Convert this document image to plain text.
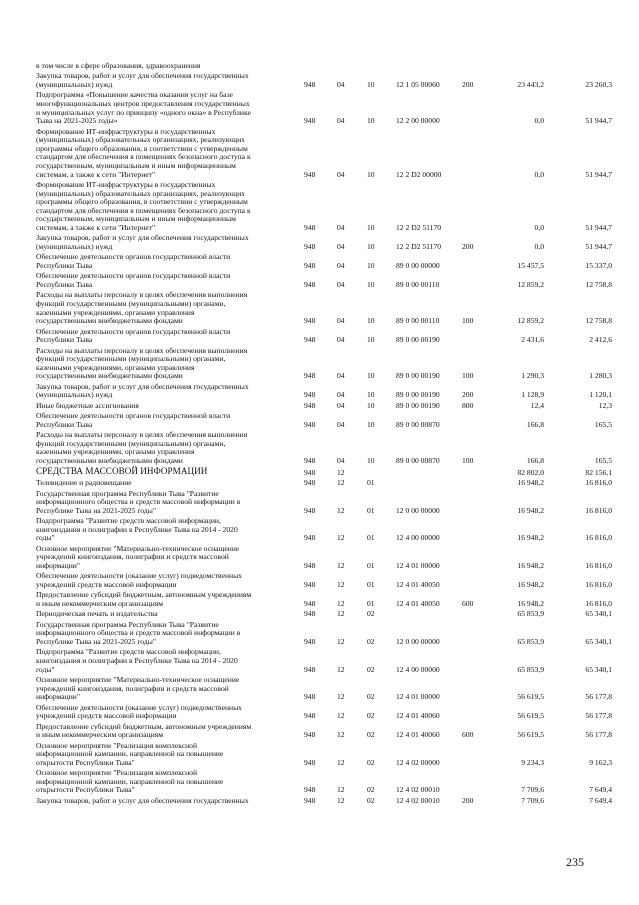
в том числе в сфере образования, здравоохранения
Закупка товаров, работ и услуг для обеспечения государственных
(муниципальных) нужд	948	04	10	12 1 05 00060	200	23 443,2	23 260,3
Подпрограмма «Повышение качества оказания услуг на базе
многофункциональных центров предоставления государственных
и муниципальных услуг по принципу «одного окна» в Республике
Тыва на 2021-2025 годы»	948	04	10	12 2 00 00000	0,0	51 944,7
Формирование ИТ-инфраструктуры в государственных
(муниципальных) образовательных организациях, реализующих
программы общего образования, в соответствии с утвержденным
стандартом для обеспечения в помещениях безопасного доступа к
государственным, муниципальным и иным информационным
системам, а также к сети "Интернет"	948	04	10	12 2 D2 00000	0,0	51 944,7
Формирование ИТ-инфраструктуры в государственных
(муниципальных) образовательных организациях, реализующих
программы общего образования, в соответствии с утвержденным
стандартом для обеспечения в помещениях безопасного доступа к
государственным, муниципальным и иным информационным
системам, а также к сети "Интернет"	948	04	10	12 2 D2 51170	0,0	51 944,7
Закупка товаров, работ и услуг для обеспечения государственных
(муниципальных) нужд	948	04	10	12 2 D2 51170	200	0,0	51 944,7
Обеспечение деятельности органов государственной власти
Республики Тыва	948	04	10	89 0 00 00000	15 457,5	15 337,0
Обеспечение деятельности органов государственной власти
Республики Тыва	948	04	10	89 0 00 00110	12 859,2	12 758,8
Расходы на выплаты персоналу в целях обеспечения выполнения
функций государственными (муниципальными) органами,
казенными учреждениями, органами управления
государственными внебюджетными фондами	948	04	10	89 0 00 00110	100	12 859,2	12 758,8
Обеспечение деятельности органов государственной власти
Республики Тыва	948	04	10	89 0 00 00190	2 431,6	2 412,6
Расходы на выплаты персоналу в целях обеспечения выполнения
функций государственными (муниципальными) органами,
казенными учреждениями, органами управления
государственными внебюджетными фондами	948	04	10	89 0 00 00190	100	1 290,3	1 280,3
Закупка товаров, работ и услуг для обеспечения государственных
(муниципальных) нужд	948	04	10	89 0 00 00190	200	1 128,9	1 120,1
Иные бюджетные ассигнования	948	04	10	89 0 00 00190	800	12,4	12,3
Обеспечение деятельности органов государственной власти
Республики Тыва	948	04	10	89 0 00 00870	166,8	165,5
Расходы на выплаты персоналу в целях обеспечения выполнения
функций государственными (муниципальными) органами,
казенными учреждениями, органами управления
государственными внебюджетными фондами	948	04	10	89 0 00 00870	100	166,8	165,5
СРЕДСТВА МАССОВОЙ ИНФОРМАЦИИ	948	12	82 802,0	82 156,1
Телевидение и радиовещание	948	12	01	16 948,2	16 816,0
Государственная программа Республики Тыва "Развитие
информационного общества и средств массовой информации в
Республике Тыва на 2021-2025 годы"	948	12	01	12 0 00 00000	16 948,2	16 816,0
Подпрограмма "Развитие средств массовой информации,
книгоиздания и полиграфии в Республике Тыва на 2014 - 2020
годы"	948	12	01	12 4 00 00000	16 948,2	16 816,0
Основное мероприятие "Материально-техническое оснащение
учреждений книгоиздания, полиграфии и средств массовой
информации"	948	12	01	12 4 01 00000	16 948,2	16 816,0
Обеспечение деятельности (оказание услуг) подведомственных
учреждений средств массовой информации	948	12	01	12 4 01 40050	16 948,2	16 816,0
Предоставление субсидий бюджетным, автономным учреждениям
и иным некоммерческим организациям	948	12	01	12 4 01 40050	600	16 948,2	16 816,0
Периодическая печать и издательства	948	12	02	65 853,9	65 340,1
Государственная программа Республики Тыва "Развитие
информационного общества и средств массовой информации в
Республике Тыва на 2021-2025 годы"	948	12	02	12 0 00 00000	65 853,9	65 340,1
Подпрограмма "Развитие средств массовой информации,
книгоиздания и полиграфии в Республике Тыва на 2014 - 2020
годы"	948	12	02	12 4 00 00000	65 853,9	65 340,1
Основное мероприятие "Материально-техническое оснащение
учреждений книгоиздания, полиграфии и средств массовой
информации"	948	12	02	12 4 01 00000	56 619,5	56 177,8
Обеспечение деятельности (оказание услуг) подведомственных
учреждений средств массовой информации	948	12	02	12 4 01 40060	56 619,5	56 177,8
Предоставление субсидий бюджетным, автономным учреждениям
и иным некоммерческим организациям	948	12	02	12 4 01 40060	600	56 619,5	56 177,8
Основное мероприятие "Реализация комплексной
информационной кампании, направленной на повышение
открытости Республики Тыва"	948	12	02	12 4 02 00000	9 234,3	9 162,3
Основное мероприятие "Реализация комплексной
информационной кампании, направленной на повышение
открытости Республики Тыва"	948	12	02	12 4 02 00010	7 709,6	7 649,4
Закупка товаров, работ и услуг для обеспечения государственных	948	12	02	12 4 02 00010	200	7 709,6	7 649,4
235
